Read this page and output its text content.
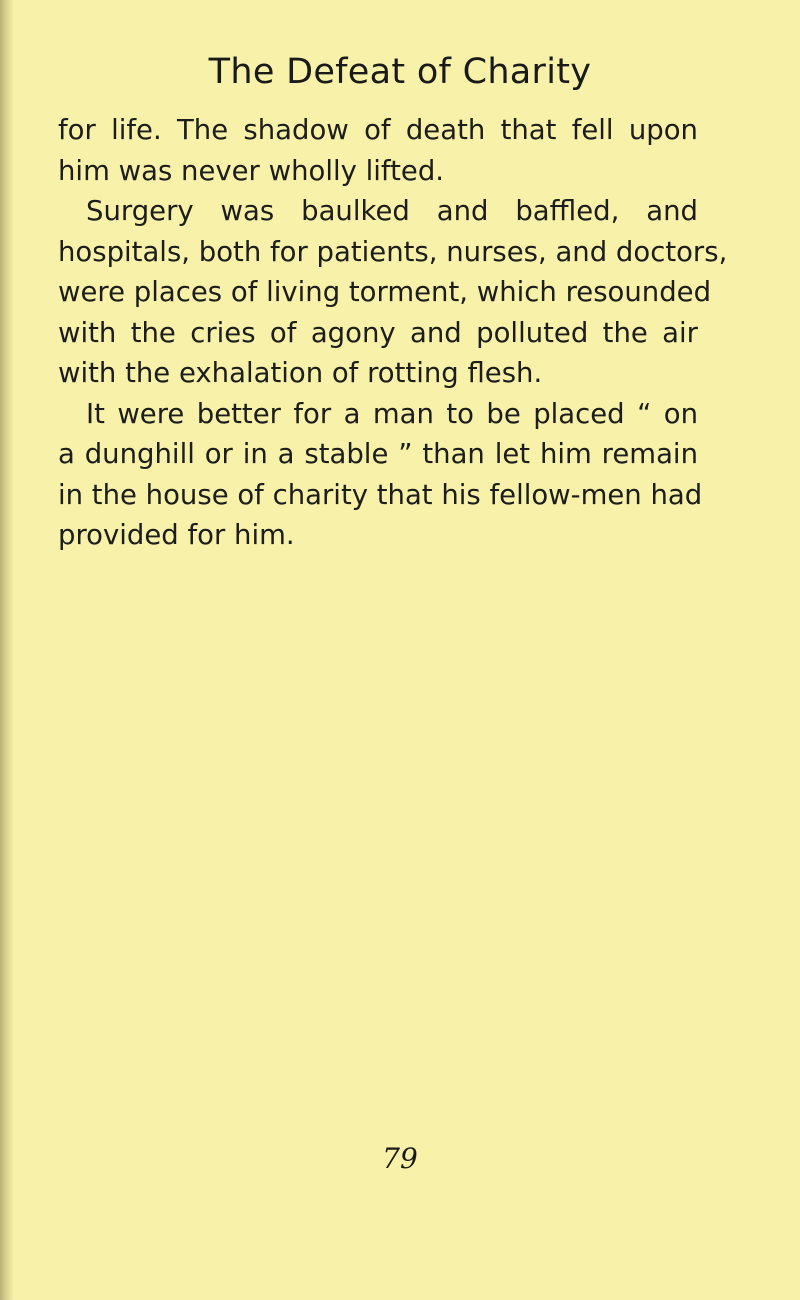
The Defeat of Charity
for life. The shadow of death that fell upon
him was never wholly lifted.
Surgery was baulked and baffled, and
hospitals, both for patients, nurses, and doctors,
were places of living torment, which resounded
with the cries of agony and polluted the air
with the exhalation of rotting flesh.
It were better for a man to be placed “ on
a dunghill or in a stable ” than let him remain
in the house of charity that his fellow-men had
provided for him.
79
